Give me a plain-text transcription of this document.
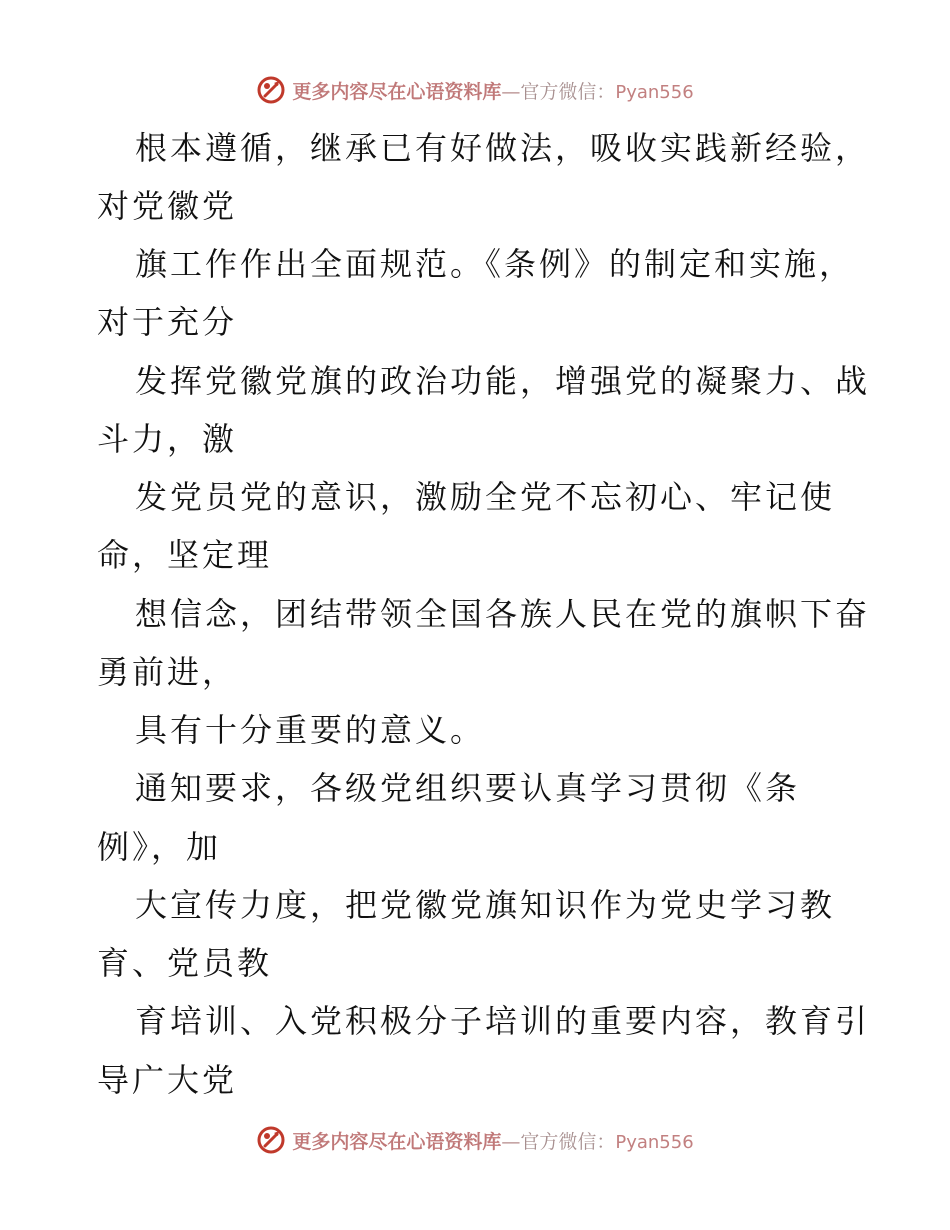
更多内容尽在心语资料库—官方微信：Pyan556
根本遵循，继承已有好做法，吸收实践新经验，
对党徽党
旗工作作出全面规范。《条例》的制定和实施，
对于充分
发挥党徽党旗的政治功能，增强党的凝聚力、战
斗力，激
发党员党的意识，激励全党不忘初心、牢记使
命，坚定理
想信念，团结带领全国各族人民在党的旗帜下奋
勇前进，
具有十分重要的意义。
通知要求，各级党组织要认真学习贯彻《条
例》，加
大宣传力度，把党徽党旗知识作为党史学习教
育、党员教
育培训、入党积极分子培训的重要内容，教育引
导广大党
更多内容尽在心语资料库—官方微信：Pyan556
